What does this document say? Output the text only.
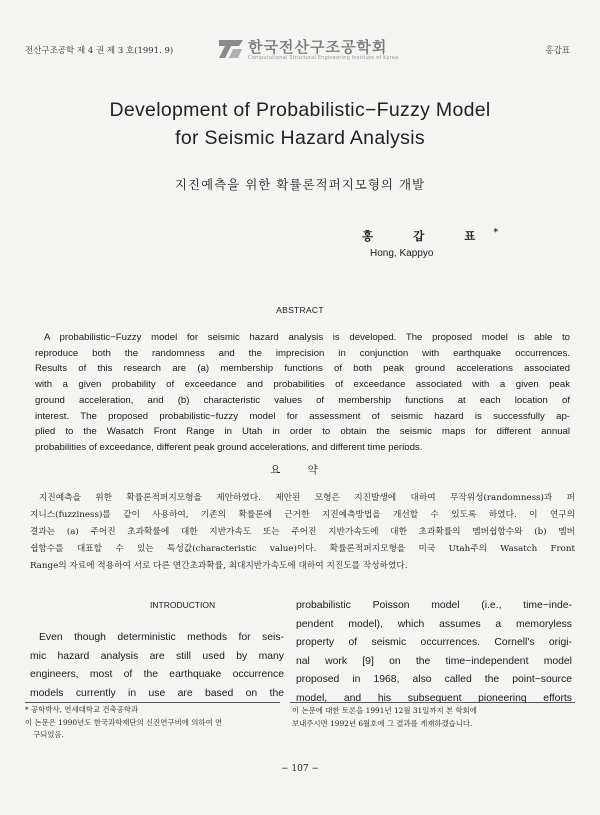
전산구조공학 제 4 권 제 3 호(1991. 9)	홍갑표
한국전산구조공학회
Computational Structural Engineering Institute of Korea
Development of Probabilistic−Fuzzy Model
for Seismic Hazard Analysis
지진예측을 위한 확률론적퍼지모형의 개발
홍 갑 표*
Hong, Kappyo
ABSTRACT
A probabilistic−Fuzzy model for seismic hazard analysis is developed. The proposed model is able to
reproduce both the randomness and the imprecision in conjunction with earthquake occurrences.
Results of this research are (a) membership functions of both peak ground accelerations associated
with a given probability of exceedance and probabilities of exceedance associated with a given peak
ground acceleration, and (b) characteristic values of membership functions at each location of
interest. The proposed probabilistic−fuzzy model for assessment of seismic hazard is successfully ap-
plied to the Wasatch Front Range in Utah in order to obtain the seismic maps for different annual
probabilities of exceedance, different peak ground accelerations, and different time periods.
요 약
지진예측을 위한 확률론적퍼지모형을 제안하였다. 제안된 모형은 지진발생에 대하여 무작위성(randomness)과 퍼
지니스(fuzziness)를 같이 사용하여, 기존의 확률론에 근거한 지진예측방법을 개선할 수 있도록 하였다. 이 연구의
결과는 (a) 주어진 초과확률에 대한 지반가속도 또는 주어진 지반가속도에 대한 초과확률의 멤버쉽함수와 (b) 멤버
쉽함수를 대표할 수 있는 특성값(characteristic value)이다. 확률론적퍼지모형을 미국 Utah주의 Wasatch Front
Range의 자료에 적용하여 서로 다른 연간초과확률, 최대지반가속도에 대하여 지진도를 작성하였다.
INTRODUCTION
Even though deterministic methods for seis-
mic hazard analysis are still used by many
engineers, most of the earthquake occurrence
models currently in use are based on the
probabilistic Poisson model (i.e., time−inde-
pendent model), which assumes a memoryless
property of seismic occurrences. Cornell's origi-
nal work [9] on the time−independent model
proposed in 1968, also called the point−source
model, and his subsequent pioneering efforts
* 공학박사, 연세대학교 건축공학과
이 논문은 1990년도 한국과학재단의 신진연구비에 의하여 연
구되었음.
이 논문에 대한 토론을 1991년 12월 31일까지 본 학회에
보내주시면 1992년 6월호에 그 결과를 게재하겠습니다.
− 107 −
